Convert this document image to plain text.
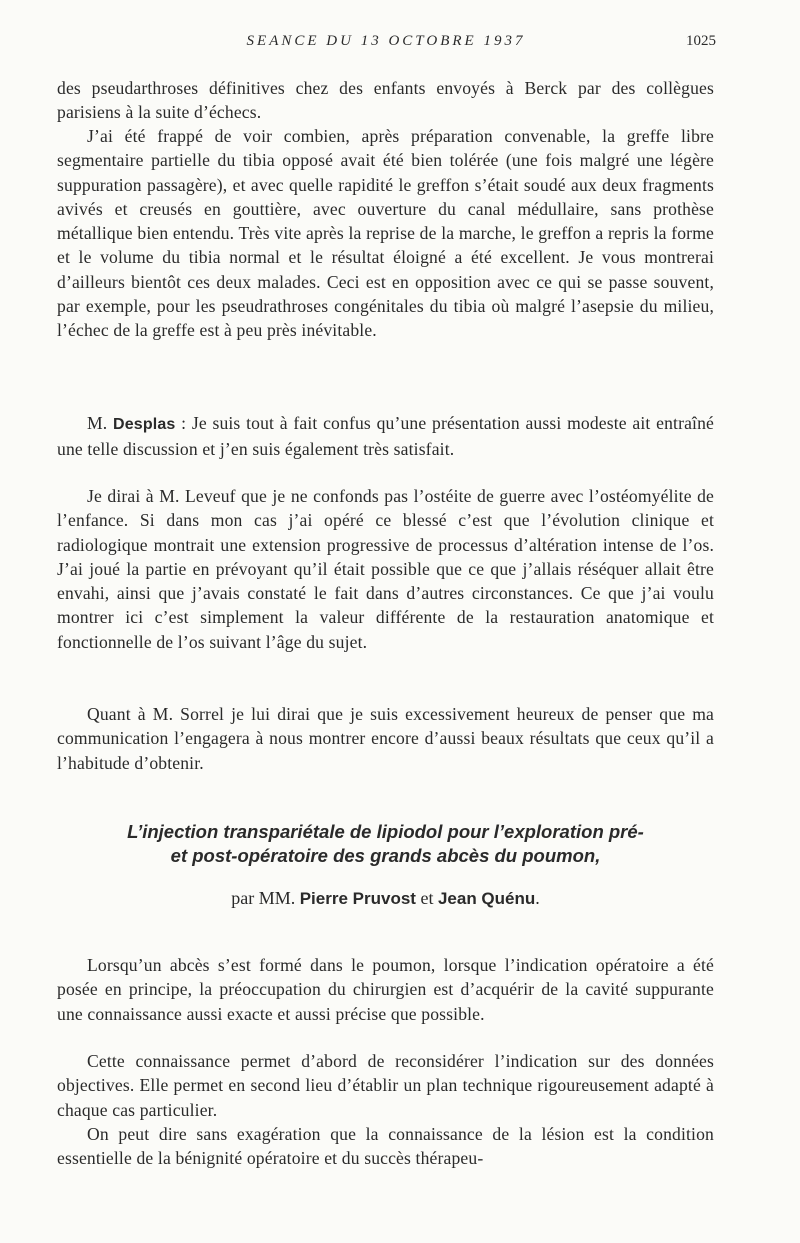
SEANCE DU 13 OCTOBRE 1937	1025

des pseudarthroses définitives chez des enfants envoyés à Berck par des collègues parisiens à la suite d’échecs.

J’ai été frappé de voir combien, après préparation convenable, la greffe libre segmentaire partielle du tibia opposé avait été bien tolérée (une fois malgré une légère suppuration passagère), et avec quelle rapidité le greffon s’était soudé aux deux fragments avivés et creusés en gouttière, avec ouverture du canal médullaire, sans prothèse métallique bien entendu. Très vite après la reprise de la marche, le greffon a repris la forme et le volume du tibia normal et le résultat éloigné a été excellent. Je vous montrerai d’ailleurs bientôt ces deux malades. Ceci est en opposition avec ce qui se passe souvent, par exemple, pour les pseudrathroses congénitales du tibia où malgré l’asepsie du milieu, l’échec de la greffe est à peu près inévitable.

M. Desplas : Je suis tout à fait confus qu’une présentation aussi modeste ait entraîné une telle discussion et j’en suis également très satisfait.

Je dirai à M. Leveuf que je ne confonds pas l’ostéite de guerre avec l’ostéomyélite de l’enfance. Si dans mon cas j’ai opéré ce blessé c’est que l’évolution clinique et radiologique montrait une extension progressive de processus d’altération intense de l’os. J’ai joué la partie en prévoyant qu’il était possible que ce que j’allais réséquer allait être envahi, ainsi que j’avais constaté le fait dans d’autres circonstances. Ce que j’ai voulu montrer ici c’est simplement la valeur différente de la restauration anatomique et fonctionnelle de l’os suivant l’âge du sujet.

Quant à M. Sorrel je lui dirai que je suis excessivement heureux de penser que ma communication l’engagera à nous montrer encore d’aussi beaux résultats que ceux qu’il a l’habitude d’obtenir.

L’injection transpariétale de lipiodol pour l’exploration pré-
et post-opératoire des grands abcès du poumon,
par MM. Pierre Pruvost et Jean Quénu.

Lorsqu’un abcès s’est formé dans le poumon, lorsque l’indication opératoire a été posée en principe, la préoccupation du chirurgien est d’acquérir de la cavité suppurante une connaissance aussi exacte et aussi précise que possible.

Cette connaissance permet d’abord de reconsidérer l’indication sur des données objectives. Elle permet en second lieu d’établir un plan technique rigoureusement adapté à chaque cas particulier.

On peut dire sans exagération que la connaissance de la lésion est la condition essentielle de la bénignité opératoire et du succès thérapeu-
